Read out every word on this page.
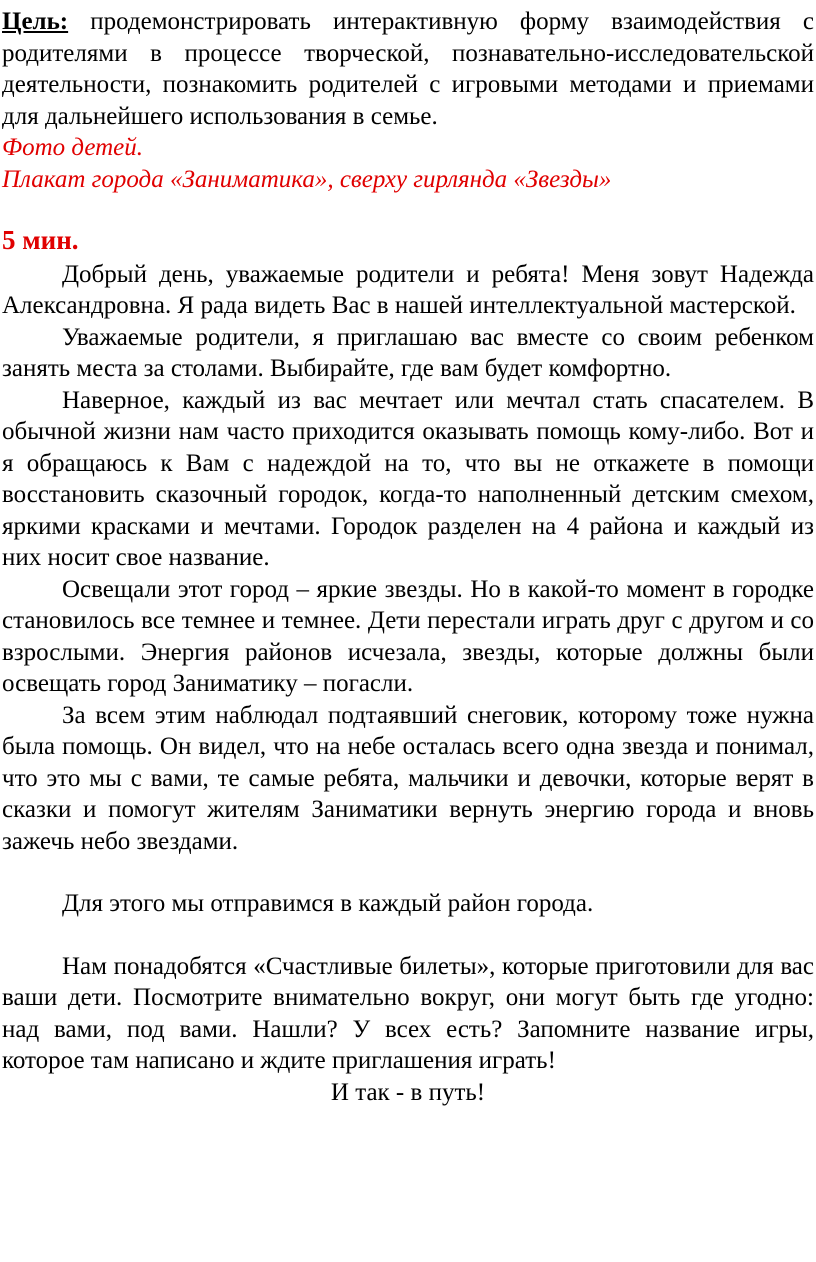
Цель: продемонстрировать интерактивную форму взаимодействия с родителями в процессе творческой, познавательно-исследовательской деятельности, познакомить родителей с игровыми методами и приемами для дальнейшего использования в семье.

Фото детей.

Плакат города «Заниматика», сверху гирлянда «Звезды»

5 мин.

Добрый день, уважаемые родители и ребята! Меня зовут Надежда Александровна. Я рада видеть Вас в нашей интеллектуальной мастерской.

Уважаемые родители, я приглашаю вас вместе со своим ребенком занять места за столами. Выбирайте, где вам будет комфортно.

Наверное, каждый из вас мечтает или мечтал стать спасателем. В обычной жизни нам часто приходится оказывать помощь кому-либо. Вот и я обращаюсь к Вам с надеждой на то, что вы не откажете в помощи восстановить сказочный городок, когда-то наполненный детским смехом, яркими красками и мечтами. Городок разделен на 4 района и каждый из них носит свое название.

Освещали этот город – яркие звезды. Но в какой-то момент в городке становилось все темнее и темнее. Дети перестали играть друг с другом и со взрослыми. Энергия районов исчезала, звезды, которые должны были освещать город Заниматику – погасли.

За всем этим наблюдал подтаявший снеговик, которому тоже нужна была помощь. Он видел, что на небе осталась всего одна звезда и понимал, что это мы с вами, те самые ребята, мальчики и девочки, которые верят в сказки и помогут жителям Заниматики вернуть энергию города и вновь зажечь небо звездами.

Для этого мы отправимся в каждый район города.

Нам понадобятся «Счастливые билеты», которые приготовили для вас ваши дети. Посмотрите внимательно вокруг, они могут быть где угодно: над вами, под вами. Нашли? У всех есть? Запомните название игры, которое там написано и ждите приглашения играть!

И так - в путь!
